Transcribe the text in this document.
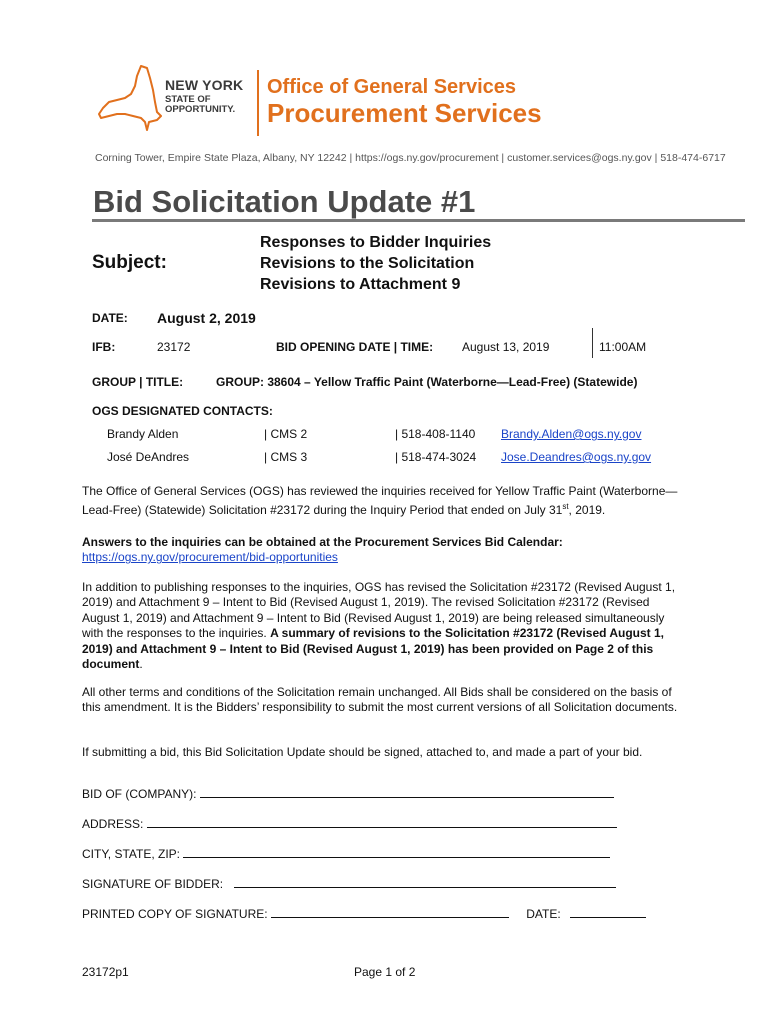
NEW YORK
STATE OF
OPPORTUNITY.
Office of General Services
Procurement Services
Corning Tower, Empire State Plaza, Albany, NY 12242 | https://ogs.ny.gov/procurement | customer.services@ogs.ny.gov | 518-474-6717
Bid Solicitation Update #1
Subject:
Responses to Bidder Inquiries
Revisions to the Solicitation
Revisions to Attachment 9
DATE: August 2, 2019
IFB:	23172	BID OPENING DATE | TIME: August 13, 2019	11:00AM
GROUP | TITLE:	GROUP: 38604 – Yellow Traffic Paint (Waterborne—Lead-Free) (Statewide)
OGS DESIGNATED CONTACTS:
Brandy Alden	| CMS 2	| 518-408-1140 Brandy.Alden@ogs.ny.gov
José DeAndres	| CMS 3	| 518-474-3024 Jose.Deandres@ogs.ny.gov
The Office of General Services (OGS) has reviewed the inquiries received for Yellow Traffic Paint (Waterborne—Lead-Free) (Statewide) Solicitation #23172 during the Inquiry Period that ended on July 31st, 2019.
Answers to the inquiries can be obtained at the Procurement Services Bid Calendar:
https://ogs.ny.gov/procurement/bid-opportunities
In addition to publishing responses to the inquiries, OGS has revised the Solicitation #23172 (Revised August 1, 2019) and Attachment 9 – Intent to Bid (Revised August 1, 2019). The revised Solicitation #23172 (Revised August 1, 2019) and Attachment 9 – Intent to Bid (Revised August 1, 2019) are being released simultaneously with the responses to the inquiries. A summary of revisions to the Solicitation #23172 (Revised August 1, 2019) and Attachment 9 – Intent to Bid (Revised August 1, 2019) has been provided on Page 2 of this document.
All other terms and conditions of the Solicitation remain unchanged. All Bids shall be considered on the basis of this amendment. It is the Bidders’ responsibility to submit the most current versions of all Solicitation documents.
If submitting a bid, this Bid Solicitation Update should be signed, attached to, and made a part of your bid.
BID OF (COMPANY):
ADDRESS:
CITY, STATE, ZIP:
SIGNATURE OF BIDDER:
PRINTED COPY OF SIGNATURE:	DATE:
23172p1	Page 1 of 2
